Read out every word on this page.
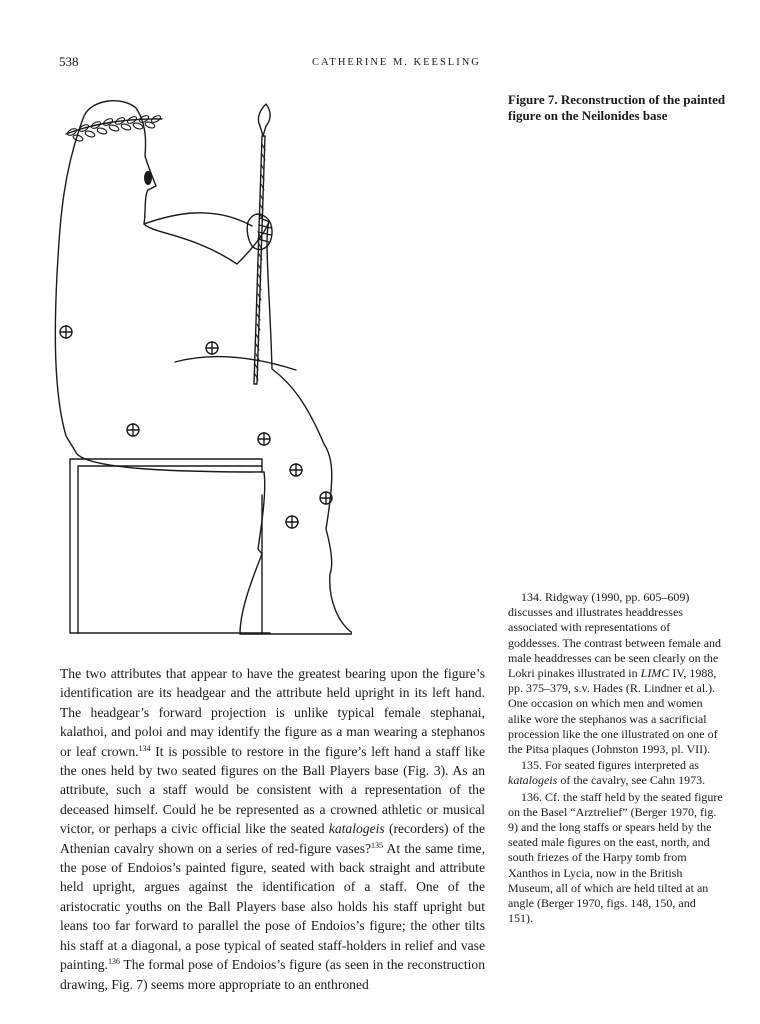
538	CATHERINE M. KEESLING
Figure 7. Reconstruction of the painted figure on the Neilonides base

The two attributes that appear to have the greatest bearing upon the figure’s identification are its headgear and the attribute held upright in its left hand. The headgear’s forward projection is unlike typical female stephanai, kalathoi, and poloi and may identify the figure as a man wearing a stephanos or leaf crown.$^{134}$ It is possible to restore in the figure’s left hand a staff like the ones held by two seated figures on the Ball Players base (Fig. 3). As an attribute, such a staff would be consistent with a representation of the deceased himself. Could he be represented as a crowned athletic or musical victor, or perhaps a civic official like the seated katalogeis (recorders) of the Athenian cavalry shown on a series of red-figure vases?$^{135}$ At the same time, the pose of Endoios’s painted figure, seated with back straight and attribute held upright, argues against the identification of a staff. One of the aristocratic youths on the Ball Players base also holds his staff upright but leans too far forward to parallel the pose of Endoios’s figure; the other tilts his staff at a diagonal, a pose typical of seated staff-holders in relief and vase painting.$^{136}$ The formal pose of Endoios’s figure (as seen in the reconstruction drawing, Fig. 7) seems more appropriate to an enthroned

134. Ridgway (1990, pp. 605–609) discusses and illustrates headdresses associated with representations of goddesses. The contrast between female and male headdresses can be seen clearly on the Lokri pinakes illustrated in LIMC IV, 1988, pp. 375–379, s.v. Hades (R. Lindner et al.). One occasion on which men and women alike wore the stephanos was a sacrificial procession like the one illustrated on one of the Pitsa plaques (Johnston 1993, pl. VII).

135. For seated figures interpreted as katalogeis of the cavalry, see Cahn 1973.

136. Cf. the staff held by the seated figure on the Basel “Arztrelief” (Berger 1970, fig. 9) and the long staffs or spears held by the seated male figures on the east, north, and south friezes of the Harpy tomb from Xanthos in Lycia, now in the British Museum, all of which are held tilted at an angle (Berger 1970, figs. 148, 150, and 151).
